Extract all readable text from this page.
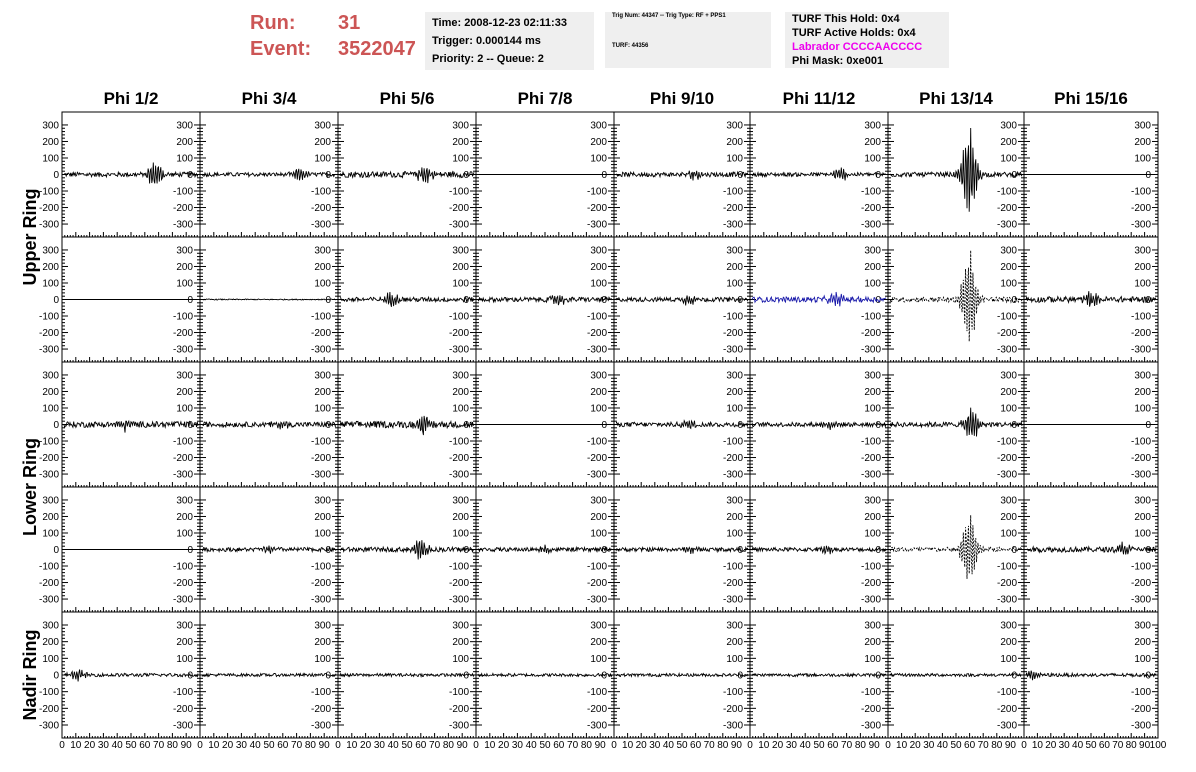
Run:	31
Event:	3522047
Time: 2008-12-23 02:11:33
Trigger: 0.000144 ms
Priority: 2 -- Queue: 2
Trig Num: 44347 -- Trig Type: RF + PPS1
TURF: 44356
TURF This Hold: 0x4
TURF Active Holds: 0x4
Labrador CCCCAACCCC
Phi Mask: 0xe001
Phi 1/2	Phi 3/4	Phi 5/6	Phi 7/8	Phi 9/10	Phi 11/12	Phi 13/14	Phi 15/16
Upper Ring
Lower Ring
Nadir Ring
-300	-300
-200	-200
-100	-100
0	0
100	100
200	200
300	300
-300
-200
-100
0
100
200
300
-300
-200
-100
0
100
200
300
-300
-200
-100
0
100
200
300
-300
-200
-100
0
100
200
300
-300
-200
-100
0
100
200
300
-300
-200
-100
0
100
200
300
-300
-200
-100
0
100
200
300
-300	-300
-200	-200
-100	-100
0	0
100	100
200	200
300	300
-300
-200
-100
0
100
200
300
-300
-200
-100
0
100
200
300
-300
-200
-100
0
100
200
300
-300
-200
-100
0
100
200
300
-300
-200
-100
0
100
200
300
-300
-200
-100
0
100
200
300
-300
-200
-100
0
100
200
300
-300	-300
-200	-200
-100	-100
0	0
100	100
200	200
300	300
-300
-200
-100
0
100
200
300
-300
-200
-100
0
100
200
300
-300
-200
-100
0
100
200
300
-300
-200
-100
0
100
200
300
-300
-200
-100
0
100
200
300
-300
-200
-100
0
100
200
300
-300
-200
-100
0
100
200
300
-300	-300
-200	-200
-100	-100
0	0
100	100
200	200
300	300
-300
-200
-100
0
100
200
300
-300
-200
-100
0
100
200
300
-300
-200
-100
0
100
200
300
-300
-200
-100
0
100
200
300
-300
-200
-100
0
100
200
300
-300
-200
-100
0
100
200
300
-300
-200
-100
0
100
200
300
-300	-300
-200	-200
-100	-100
0	0
100	100
200	200
300	300
-300
-200
-100
0
100
200
300
-300
-200
-100
0
100
200
300
-300
-200
-100
0
100
200
300
-300
-200
-100
0
100
200
300
-300
-200
-100
0
100
200
300
-300
-200
-100
0
100
200
300
-300
-200
-100
0
100
200
300
0 10 20 30 40 50 60 70 80 90 0 10 20 30 40 50 60 70 80 90 0 10 20 30 40 50 60 70 80 90 0 10 20 30 40 50 60 70 80 90 0 10 20 30 40 50 60 70 80 90 0 10 20 30 40 50 60 70 80 90 0 10 20 30 40 50 60 70 80 90 0 10 20 30 40 50 60 70 80 90 100
